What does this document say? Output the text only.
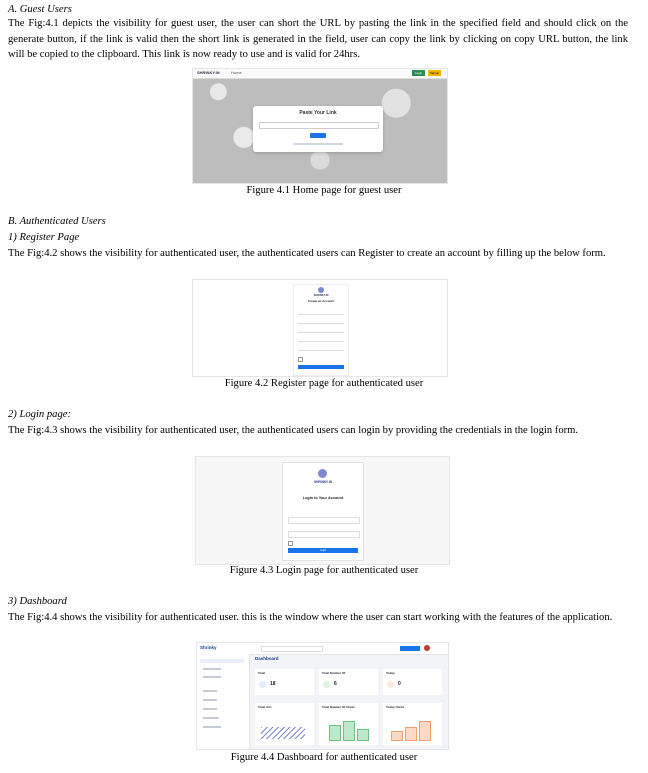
A. Guest Users
The Fig:4.1 depicts the visibility for guest user, the user can short the URL by pasting the link in the specified field and should click on the generate button, if the link is valid then the short link is generated in the field, user can copy the link by clicking on copy URL button, the link will be copied to the clipboard. This link is now ready to use and is valid for 24hrs.
SHRINKY.IN	Home	Login	Signup
Paste Your Link
Figure 4.1 Home page for guest user
B. Authenticated Users
1) Register Page
The Fig:4.2 shows the visibility for authenticated user, the authenticated users can Register to create an account by filling up the below form.
SHRINKY.IN
Create an Account
Figure 4.2 Register page for authenticated user
2) Login page:
The Fig:4.3 shows the visibility for authenticated user, the authenticated users can login by providing the credentials in the login form.
SHRINKY.IN
Login to Your Account
Login
Figure 4.3 Login page for authenticated user
3) Dashboard
The Fig:4.4 shows the visibility for authenticated user. this is the window where the user can start working with the features of the application.
Shrinky
Dashboard
Total
18
Total Number Of
6
Today
0
Total Urls	Total Number Of Clicks	Today Clicks
Figure 4.4 Dashboard for authenticated user
